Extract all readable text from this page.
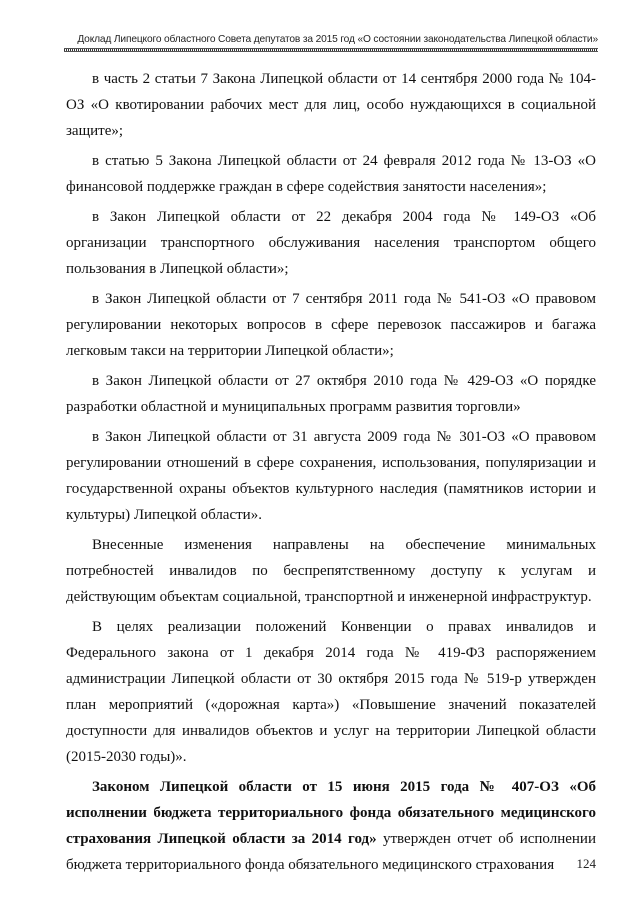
Доклад Липецкого областного Совета депутатов за 2015 год «О состоянии законодательства Липецкой области»

в часть 2 статьи 7 Закона Липецкой области от 14 сентября 2000 года № 104-ОЗ «О квотировании рабочих мест для лиц, особо нуждающихся в социальной защите»;

в статью 5 Закона Липецкой области от 24 февраля 2012 года № 13-ОЗ «О финансовой поддержке граждан в сфере содействия занятости населения»;

в Закон Липецкой области от 22 декабря 2004 года № 149-ОЗ «Об организации транспортного обслуживания населения транспортом общего пользования в Липецкой области»;

в Закон Липецкой области от 7 сентября 2011 года № 541-ОЗ «О правовом регулировании некоторых вопросов в сфере перевозок пассажиров и багажа легковым такси на территории Липецкой области»;

в Закон Липецкой области от 27 октября 2010 года № 429-ОЗ «О порядке разработки областной и муниципальных программ развития торговли»

в Закон Липецкой области от 31 августа 2009 года № 301-ОЗ «О правовом регулировании отношений в сфере сохранения, использования, популяризации и государственной охраны объектов культурного наследия (памятников истории и культуры) Липецкой области».

Внесенные изменения направлены на обеспечение минимальных потребностей инвалидов по беспрепятственному доступу к услугам и действующим объектам социальной, транспортной и инженерной инфраструктур.

В целях реализации положений Конвенции о правах инвалидов и Федерального закона от 1 декабря 2014 года № 419-ФЗ распоряжением администрации Липецкой области от 30 октября 2015 года № 519-р утвержден план мероприятий («дорожная карта») «Повышение значений показателей доступности для инвалидов объектов и услуг на территории Липецкой области (2015-2030 годы)».

Законом Липецкой области от 15 июня 2015 года № 407-ОЗ «Об исполнении бюджета территориального фонда обязательного медицинского страхования Липецкой области за 2014 год» утвержден отчет об исполнении бюджета территориального фонда обязательного медицинского страхования	124
